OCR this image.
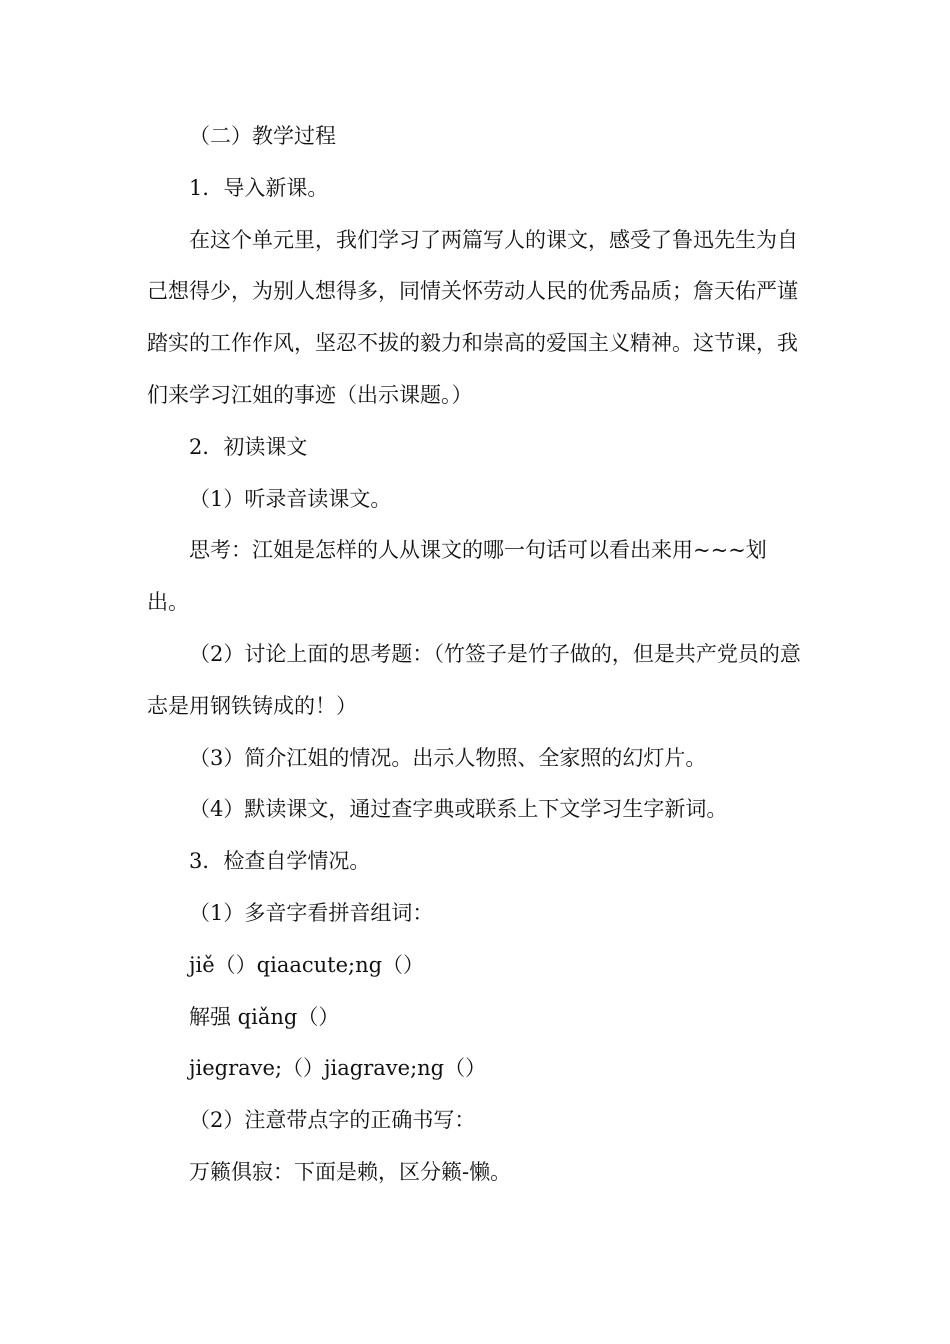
（二）教学过程

1．导入新课。

在这个单元里，我们学习了两篇写人的课文，感受了鲁迅先生为自己想得少，为别人想得多，同情关怀劳动人民的优秀品质；詹天佑严谨踏实的工作作风，坚忍不拔的毅力和崇高的爱国主义精神。这节课，我们来学习江姐的事迹（出示课题。）

2．初读课文

（1）听录音读课文。

思考：江姐是怎样的人从课文的哪一句话可以看出来用~~~划出。

（2）讨论上面的思考题：（竹签子是竹子做的，但是共产党员的意志是用钢铁铸成的！）

（3）简介江姐的情况。出示人物照、全家照的幻灯片。

（4）默读课文，通过查字典或联系上下文学习生字新词。

3．检查自学情况。

（1）多音字看拼音组词：

jiě（）qiaacute;ng（）

解强 qiǎng（）

jiegrave;（）jiagrave;ng（）

（2）注意带点字的正确书写：

万籁俱寂：下面是赖，区分籁-懒。
